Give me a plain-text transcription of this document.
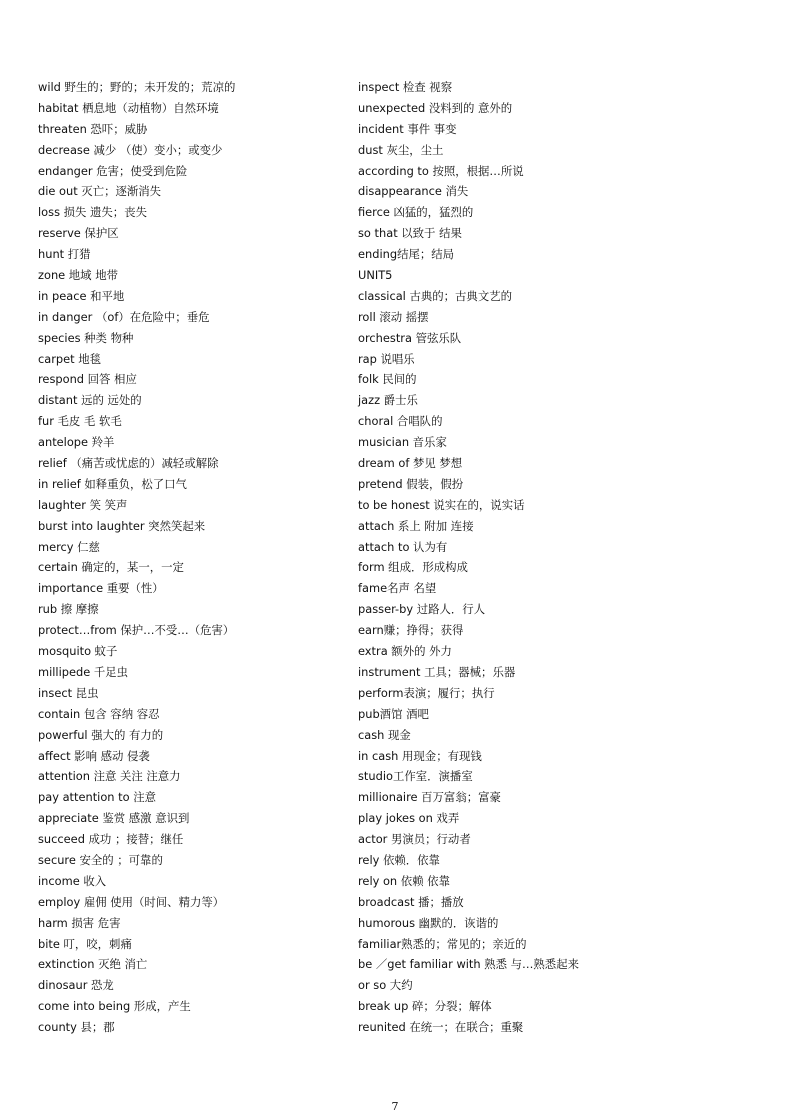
wild 野生的；野的；未开发的；荒凉的
habitat 栖息地（动植物）自然环境
threaten 恐吓；威胁
decrease 减少 （使）变小；或变少
endanger 危害；使受到危险
die out 灭亡；逐渐消失
loss 损失 遗失；丧失
reserve 保护区
hunt 打猎
zone 地域 地带
in peace 和平地
in danger （of）在危险中；垂危
species 种类 物种
carpet 地毯
respond 回答 相应
distant 远的 远处的
fur 毛皮 毛 软毛
antelope 羚羊
relief （痛苦或忧虑的）减轻或解除
in relief 如释重负，松了口气
laughter 笑 笑声
burst into laughter 突然笑起来
mercy 仁慈
certain 确定的，某一，一定
importance 重要（性）
rub 擦 摩擦
protect…from 保护…不受…（危害）
mosquito 蚊子
millipede 千足虫
insect 昆虫
contain 包含 容纳 容忍
powerful 强大的 有力的
affect 影响 感动 侵袭
attention 注意 关注 注意力
pay attention to 注意
appreciate 鉴赏 感激 意识到
succeed 成功 ；接替；继任
secure 安全的 ；可靠的
income 收入
employ 雇佣 使用（时间、精力等）
harm 损害 危害
bite 叮，咬，刺痛
extinction 灭绝 消亡
dinosaur 恐龙
come into being 形成，产生
county 县；郡
inspect 检查 视察
unexpected 没料到的 意外的
incident 事件 事变
dust 灰尘，尘土
according to 按照，根据…所说
disappearance 消失
fierce 凶猛的，猛烈的
so that 以致于 结果
ending结尾；结局
UNIT5
classical 古典的；古典文艺的
roll 滚动 摇摆
orchestra 管弦乐队
rap 说唱乐
folk 民间的
jazz 爵士乐
choral 合唱队的
musician 音乐家
dream of 梦见 梦想
pretend 假装，假扮
to be honest 说实在的，说实话
attach 系上 附加 连接
attach to 认为有
form 组成．形成构成
fame名声 名望
passer-by 过路人．行人
earn赚；挣得；获得
extra 额外的 外力
instrument 工具；器械；乐器
perform表演；履行；执行
pub酒馆 酒吧
cash 现金
in cash 用现金；有现钱
studio工作室．演播室
millionaire 百万富翁；富豪
play jokes on 戏弄
actor 男演员；行动者
rely 依赖．依靠
rely on 依赖 依靠
broadcast 播；播放
humorous 幽默的．诙谐的
familiar熟悉的；常见的；亲近的
be ／get familiar with 熟悉 与…熟悉起来
or so 大约
break up 碎；分裂；解体
reunited 在统一；在联合；重聚
7
